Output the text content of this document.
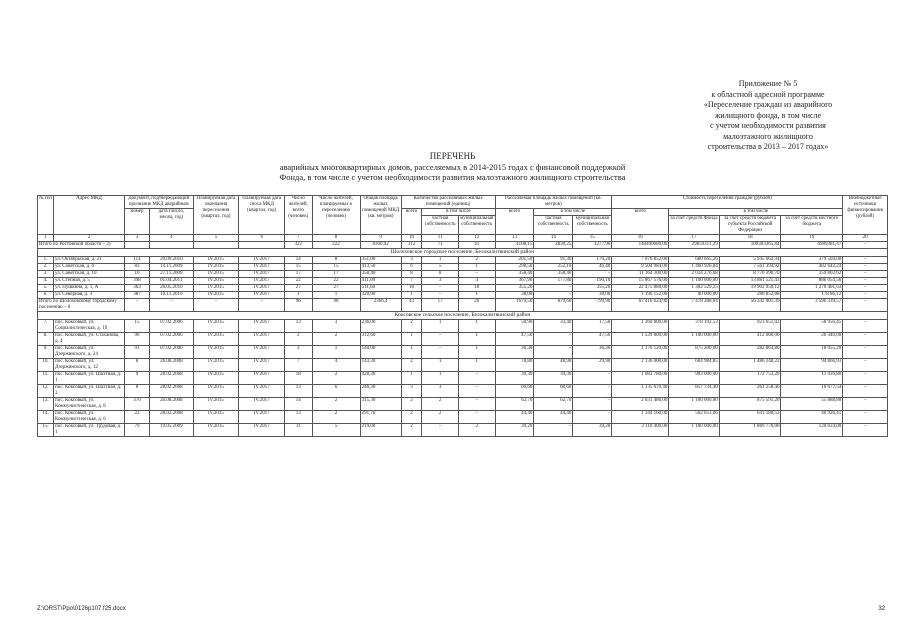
Приложение № 5
к областной адресной программе
«Переселение граждан из аварийного
жилищного фонда, в том числе
с учетом необходимости развития
малоэтажного жилищного
строительства в 2013 – 2017 годах»
ПЕРЕЧЕНЬ
аварийных многоквартирных домов, расселяемых в 2014-2015 годах с финансовой поддержкой
Фонда, в том числе с учетом необходимости развития малоэтажного жилищного строительства
№ п/п	Адрес МКД	Документ, подтверждающий признание МКД аварийным		Планируемая дата окончания переселения (квартал, год)	Планируемая дата сноса МКД (квартал, год)	Число жителей, всего (человек)	Число жителей, планируемых к переселению (человек)	Общая площадь жилых помещений МКД (кв. метров)	Количество расселяемых жилых помещений (единиц)			Расселяемая площадь жилых помещений (кв. метров)			Стоимость переселения граждан (рублей)				Внебюджетные источники финансирования (рублей)
		номер	дата (число, месяц, год)						всего	в том числе		всего	в том числе		всего	в том числе			
										частная собственность	муниципальная собственность		частная собственность	муниципальная собственность		за счет средств Фонда	за счет средств бюджета субъекта Российской Федерации	за счет средств местного бюджета	
1	2	3	4	5	6	7	8	9	10	11	12	13	14	15	16	17	18	19	20
Итого по Ростовской области – 3)						322	222	8360,92	112	71	41	4108,15	2830,25	1277,90	140490680,00	29859311,29	109303365,84	6989381,47	–
Шолоховское городское поселение, Белокалитвинский район																			
1.	ул. Октябрьская, д. 21	114	20.09.2010	IV.2015	IV.2017	14	8	351,00	3	1	2	201,50	91,30	170,20	7 076 852,00	680 665,26	5 945 662,34	379 504,00	–
2.	ул. Советская, д. 6	83	14.11.2009	IV.2015	IV.2017	15	15	413,50	6	5	1	298,50	252,10	46,40	9 504 984,00	1 460 926,84	7 561 394,92	482 642,24	–
3.	ул. Советская, д. 10	10	27.11.2009	IV.2015	IV.2017	17	17	358,40	8	8	–	358,40	358,40	–	11 164 300,00	2 034 276,68	8 770 390,70	359 802,62	–
4.	ул. Степная, д. 5	398	01.04.2011	IV.2015	IV.2017	22	22	411,00	7	3	4	367,90	177,80	190,10	15 867 576,00	1 100 000,00	13 881 521,43	886 054,56	–
5.	ул. Пушкина, д. 1, А	363	26.05.2010	IV.2015	IV.2017	27	27	511,60	18	–	18	355,20	–	355,20	22 475 880,00	1 302 529,25	19 902 950,12	1 270 401,63	–
6.	ул. Северная, д. 3	387	10.11.2010	IV.2015	IV.2017	1	1	320,00	1	–	1	38,00	–	38,00	1 196 152,00	90 000,00	280 852,88	178 86,12	–
Итого по Шолоховскому городскому поселению – 6		–	–	–	–	96	90	2366,4	43	17	26	1679,50	879,60	799,90	67 416 624,00	7 478 288,04	56 342 001,39	3 596 339,57	–
Коксовское сельское поселение, Белокалитвинский район																			
7.	пос. Коксовый, ул. Социалистическая, д. 19	15	07.02.2006	IV.2015	IV.2017	13	3	236,00	2	1	1	50,90	33,40	17,50	1 360 800,00	378 192,53	923 651,02	58 956,45	–
8.	пос. Коксовый, ул. Стаханова, д. 4	90	07.02.2006	IV.2015	IV.2017	2	2	312,60	1	–	1	47,50	–	47,50	1 539 000,00	1 100 000,00	412 660,00	26 340,00	–
9.	пос. Коксовый, ул. Дзержинского, д. 24	91	07.02.2006	IV.2015	IV.2017	3	1	140,00	1	–	1	36,30	–	36,30	1 176 120,00	875 200,00	282 864,80	18 055,20	–
10.	пос. Коксовый, ул. Дзержинского, д. 12	8	26.08.2008	IV.2015	IV.2017	7	4	143,30	2	1	1	78,80	48,90	29,90	2 136 000,00	604 984,85	1 486 248,22	94 866,93	–
11.	пос. Коксовый, ул. Шахтная, д. 1	9	28.02.2008	IV.2015	IV.2017	18	2	428,30	1	1	–	39,30	39,30	–	1 083 780,00	903 000,00	172 753,20	11 026,80	–
12.	пос. Коксовый, ул. Шахтная, д. 3	8	28.02.2008	IV.2015	IV.2017	13	6	246,30	3	3	–	60,60	60,60	–	1 135 670,40	857 734,40	261 258,46	16 677,54	–
13.	пос. Коксовый, ул. Коммунистическая, д. 8	370	26.08.2008	IV.2015	IV.2017	14	2	315,30	2	2	–	62,70	62,70	–	2 031 480,00	1 100 000,00	875 591,20	55 888,80	–
14.	пос. Коксовый, ул. Коммунистическая, д. 6	22	28.02.2008	IV.2015	IV.2017	13	2	291,70	2	2	–	44,40	44,40	–	1 344 160,00	562 053,06	641 180,53	40 926,41	–
15.	пос. Коксовый, ул. Трудовая, д. 1	79	19.05.2009	IV.2015	IV.2017	11	5	219,00	2	–	2	39,20	–	39,20	3 110 400,00	1 100 000,00	1 889 776,00	120 624,00	–
Z:\ORST\Ppo\0126p107.f25.docx	32
